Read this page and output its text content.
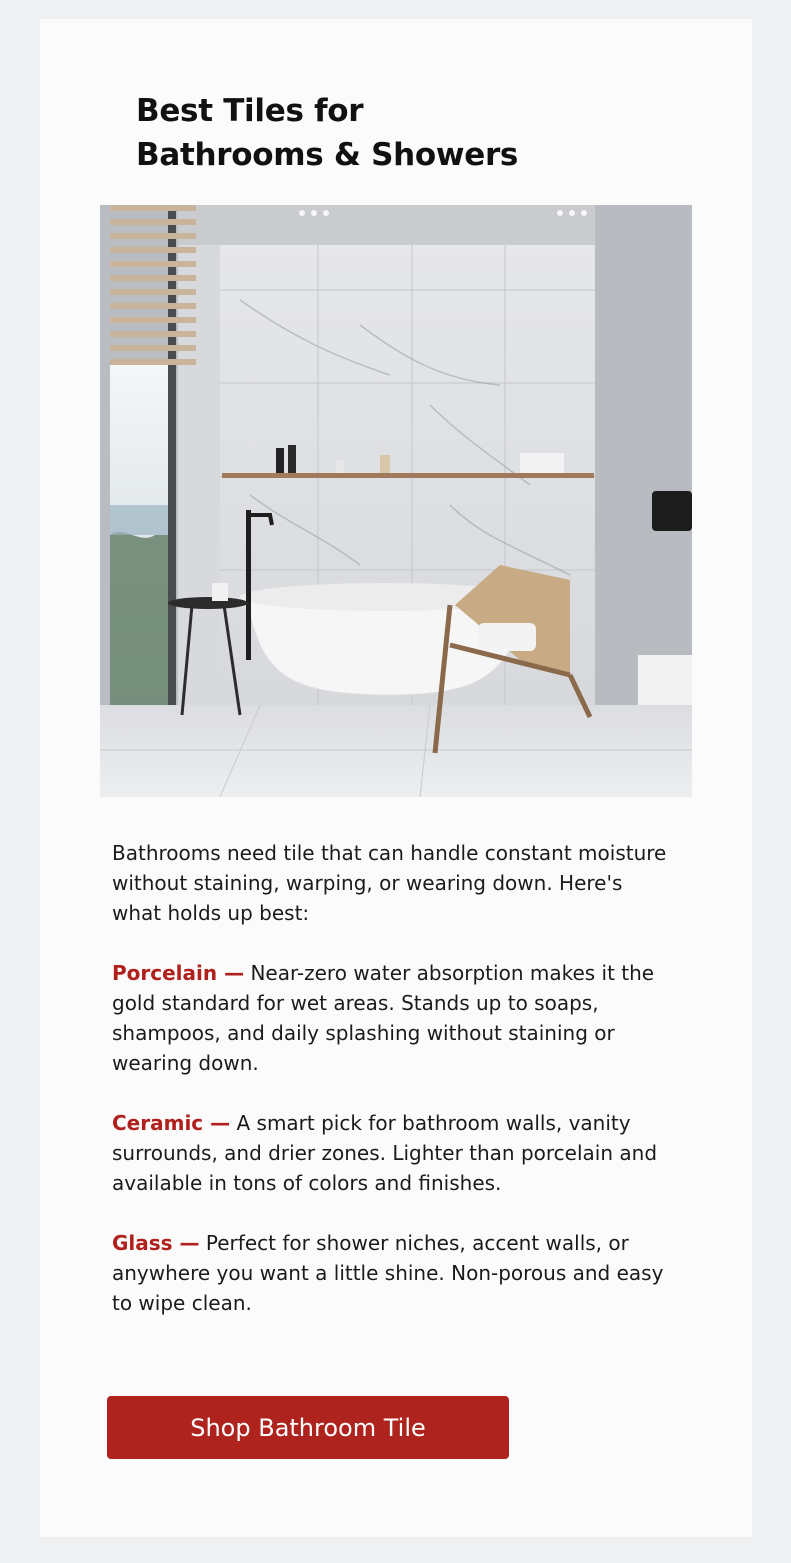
Best Tiles for
Bathrooms & Showers

Bathrooms need tile that can handle constant moisture without staining, warping, or wearing down. Here's what holds up best:

Porcelain — Near-zero water absorption makes it the gold standard for wet areas. Stands up to soaps, shampoos, and daily splashing without staining or wearing down.

Ceramic — A smart pick for bathroom walls, vanity surrounds, and drier zones. Lighter than porcelain and available in tons of colors and finishes.

Glass — Perfect for shower niches, accent walls, or anywhere you want a little shine. Non-porous and easy to wipe clean.

Shop Bathroom Tile
